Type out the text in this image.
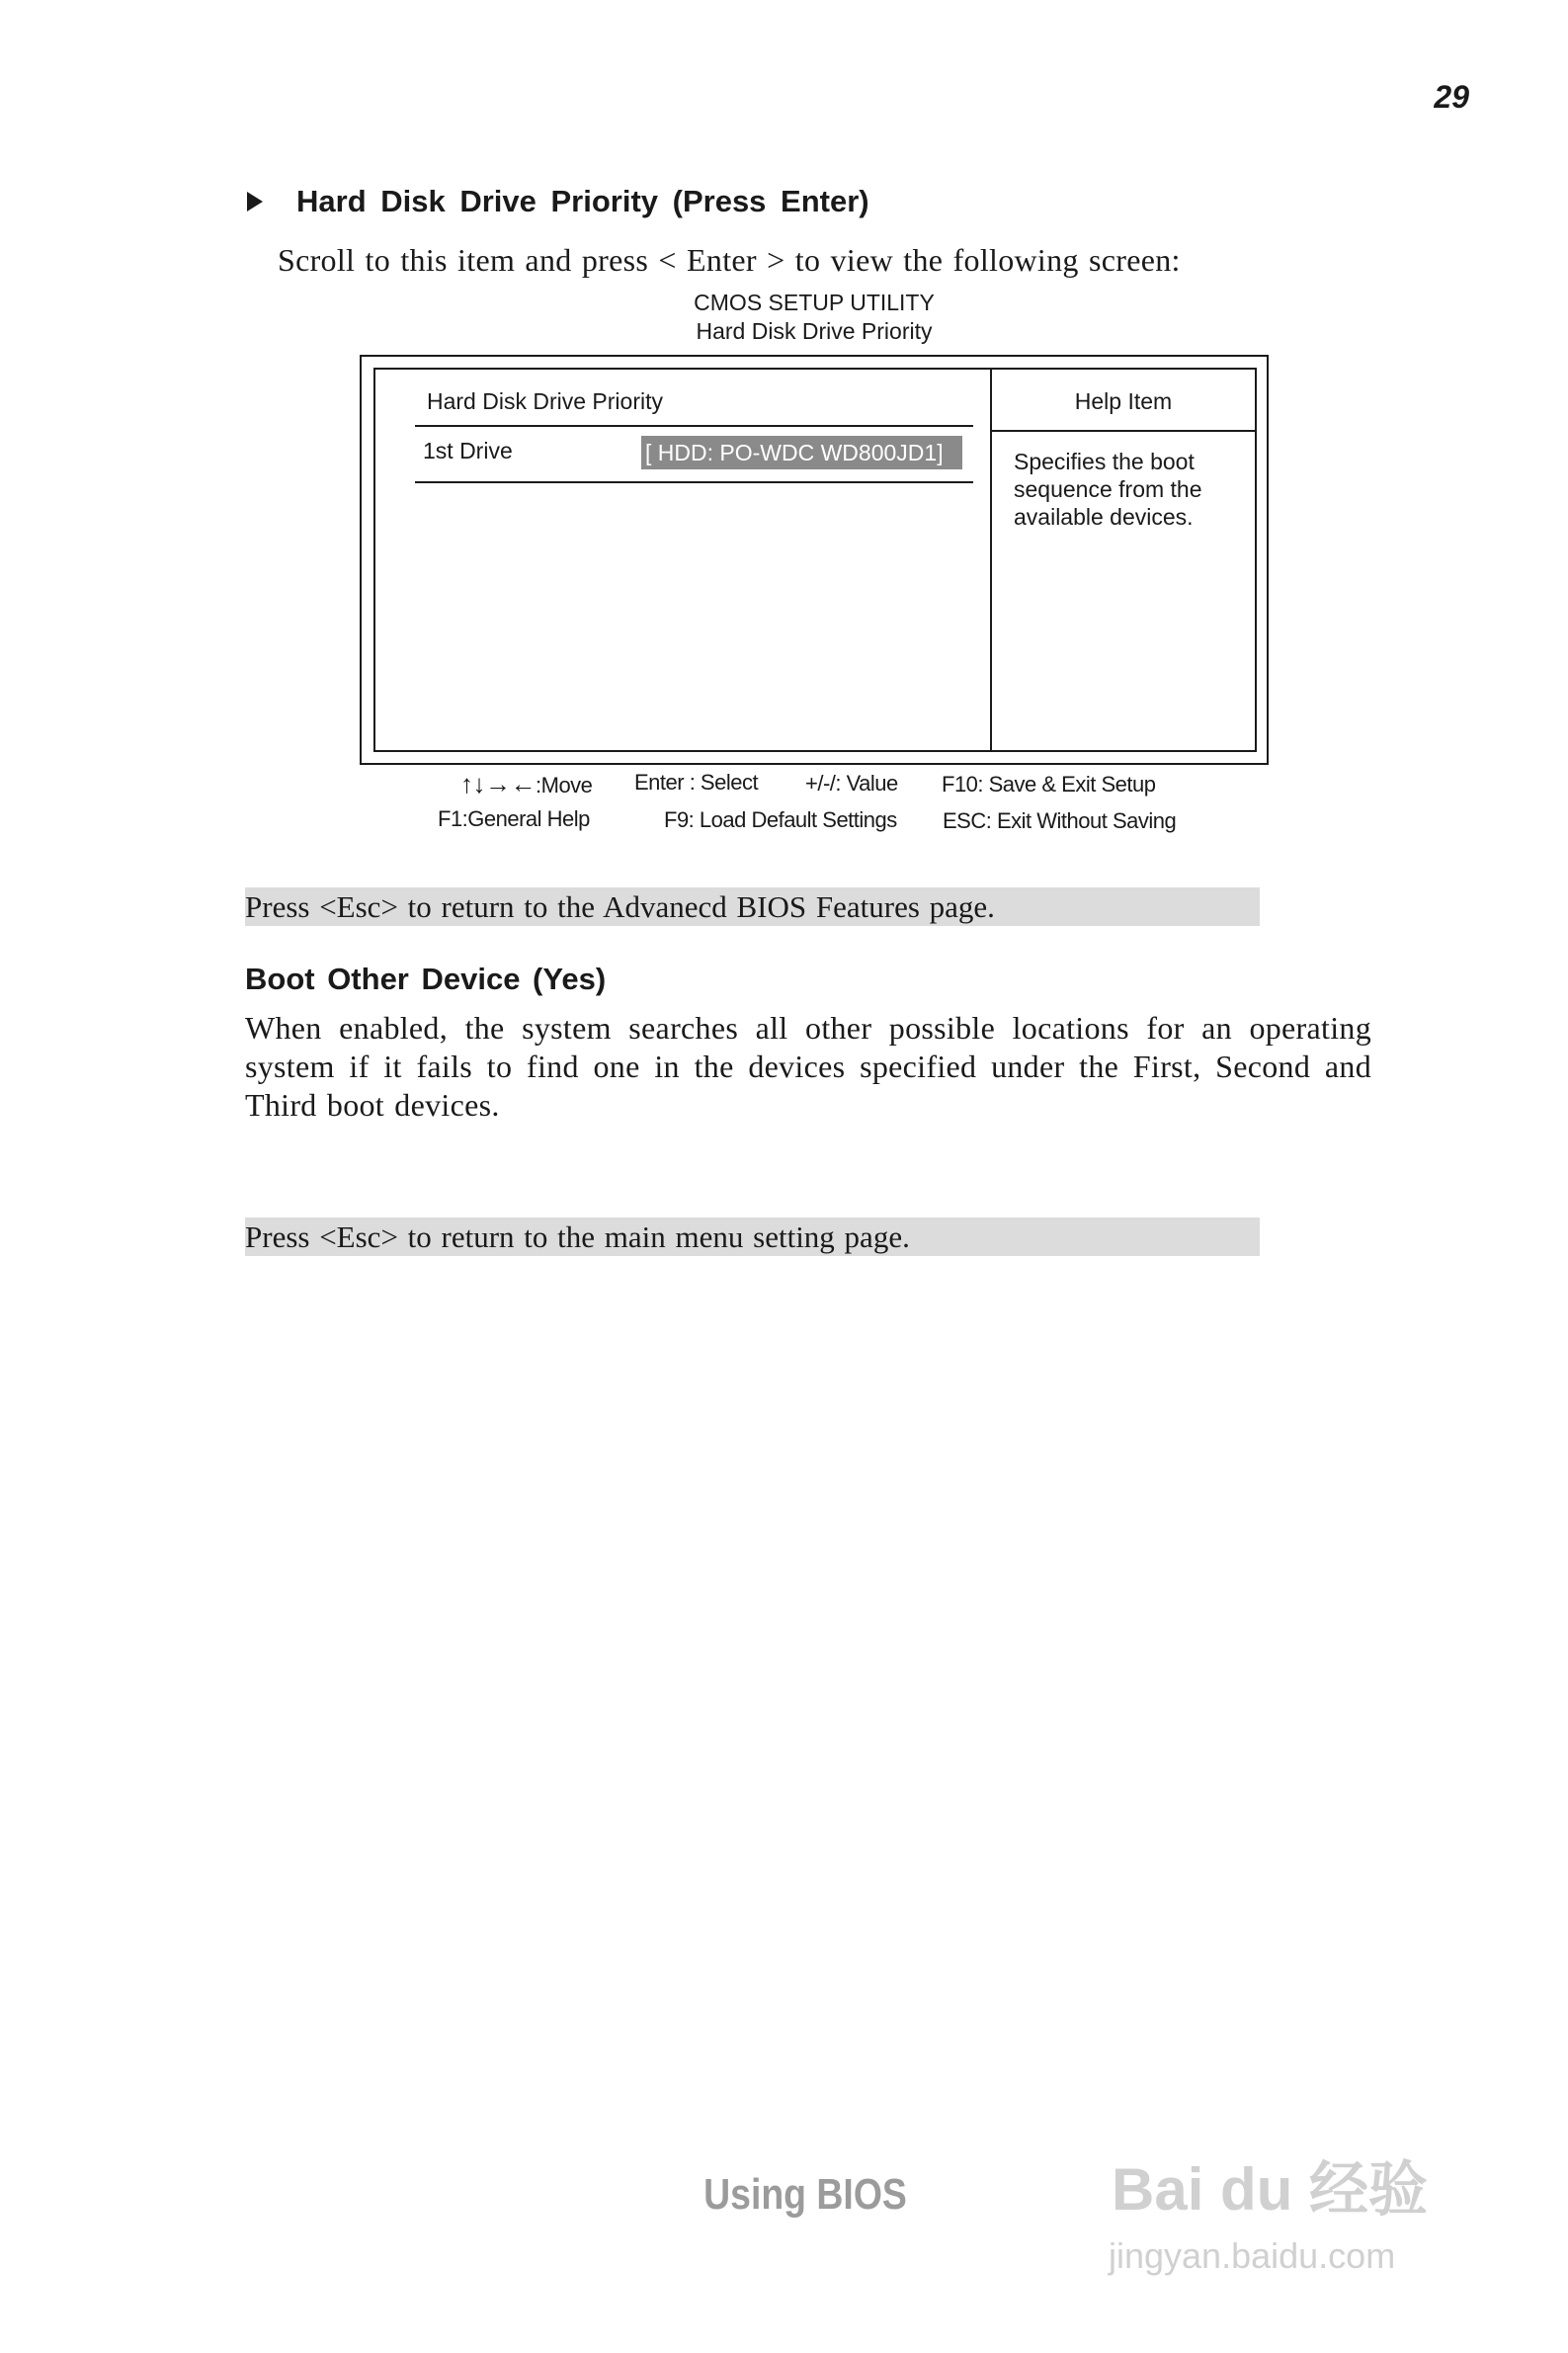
29
Hard Disk Drive Priority (Press Enter)
Scroll to this item and press < Enter > to view the following screen:
CMOS SETUP UTILITY
Hard Disk Drive Priority
Hard Disk Drive Priority
1st Drive	[ HDD: PO-WDC WD800JD1]
Help Item
Specifies the boot sequence from the available devices.
↑↓→←:Move Enter : Select +/-/: Value F10: Save & Exit Setup
F1:General Help	F9: Load Default Settings ESC: Exit Without Saving
Press <Esc> to return to the Advanecd BIOS Features page.
Boot Other Device (Yes)
When enabled, the system searches all other possible locations for an operating system if it fails to find one in the devices specified under the First, Second and Third boot devices.
Press <Esc> to return to the main menu setting page.
Using BIOS	Bai du 经验
jingyan.baidu.com
